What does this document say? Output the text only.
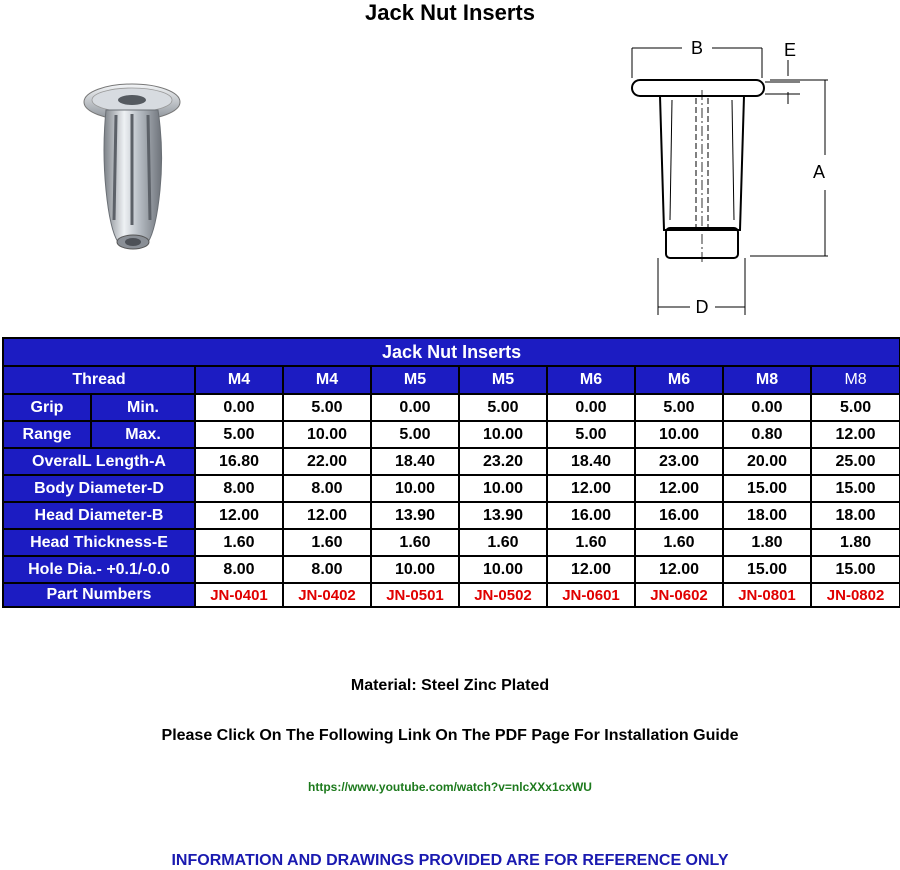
Jack Nut Inserts
B	E
A
D
Jack Nut Inserts									
Thread		M4	M4	M5	M5	M6	M6	M8	M8
Grip	Min.	0.00	5.00	0.00	5.00	0.00	5.00	0.00	5.00
Range	Max.	5.00	10.00	5.00	10.00	5.00	10.00	0.80	12.00
OveralL Length-A		16.80	22.00	18.40	23.20	18.40	23.00	20.00	25.00
Body Diameter-D		8.00	8.00	10.00	10.00	12.00	12.00	15.00	15.00
Head Diameter-B		12.00	12.00	13.90	13.90	16.00	16.00	18.00	18.00
Head Thickness-E		1.60	1.60	1.60	1.60	1.60	1.60	1.80	1.80
Hole Dia.- +0.1/-0.0		8.00	8.00	10.00	10.00	12.00	12.00	15.00	15.00
Part Numbers		JN-0401	JN-0402	JN-0501	JN-0502	JN-0601	JN-0602	JN-0801	JN-0802
Material: Steel Zinc Plated
Please Click On The Following Link On The PDF Page For Installation Guide
https://www.youtube.com/watch?v=nlcXXx1cxWU
INFORMATION AND DRAWINGS PROVIDED ARE FOR REFERENCE ONLY
